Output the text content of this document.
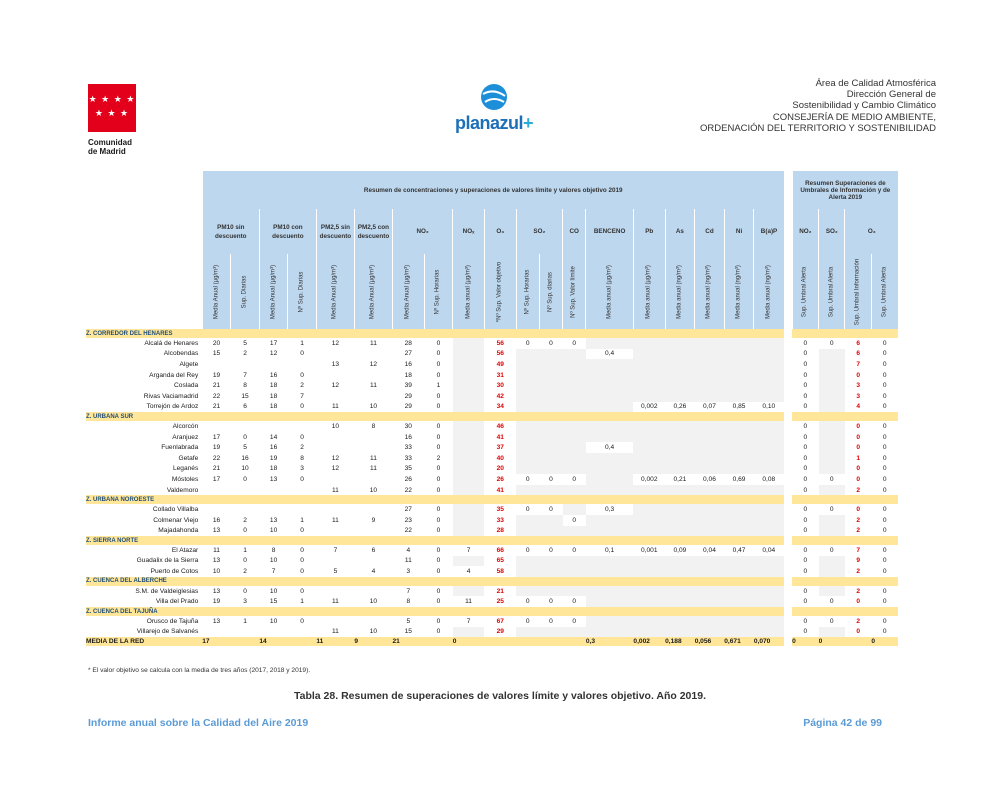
★ ★ ★ ★
★ ★ ★
Comunidad
de Madrid
planazul+
Área de Calidad Atmosférica
Dirección General de
Sostenibilidad y Cambio Climático
CONSEJERÍA DE MEDIO AMBIENTE,
ORDENACIÓN DEL TERRITORIO Y SOSTENIBILIDAD
	Resumen de concentraciones y superaciones de valores límite y valores objetivo 2019																				Resumen Superaciones de Umbrales de Información y de Alerta 2019			
	PM10 sin descuento		PM10 con descuento		PM2,5 sin descuento	PM2,5 con descuento	NO₂		NOₓ	O₃	SO₂		CO	BENCENO	Pb	As	Cd	Ni	B(a)P		NO₂	SO₂	O₃	

	Media Anual (µg/m³)	Sup. Diarias	Media Anual (µg/m³)	Nº Sup. Diarias	Media Anual (µg/m³)	Media Anual (µg/m³)	Media Anual (µg/m³)	Nº Sup. Horarias	Media anual (µg/m³)	*Nº Sup. Valor objetivo	Nº Sup. Horarias	Nº Sup. diarias	Nº Sup. Valor límite	Media anual (µg/m³)	Media anual (µg/m³)	Media anual (ng/m³)	Media anual (ng/m³)	Media anual (ng/m³)	Media anual (ng/m³)		Sup. Umbral Alerta	Sup. Umbral Alerta	Sup. Umbral Información	Sup. Umbral Alerta

Z. CORREDOR DEL HENARES																								
Alcalá de Henares	20	5	17	1	12	11	28	0		56	0	0	0								0	0	6	0
Alcobendas	15	2	12	0			27	0		56				0,4							0		6	0
Algete					13	12	16	0		49											0		7	0
Arganda del Rey	19	7	16	0			18	0		31											0		0	0
Coslada	21	8	18	2	12	11	39	1		30											0		3	0
Rivas Vaciamadrid	22	15	18	7			29	0		42											0		3	0
Torrejón de Ardoz	21	6	18	0	11	10	29	0		34					0,002	0,26	0,07	0,85	0,10		0		4	0
Z. URBANA SUR																								
Alcorcón					10	8	30	0		46											0		0	0
Aranjuez	17	0	14	0			16	0		41											0		0	0
Fuenlabrada	19	5	16	2			33	0		37				0,4							0		0	0
Getafe	22	16	19	8	12	11	33	2		40											0		1	0
Leganés	21	10	18	3	12	11	35	0		20											0		0	0
Móstoles	17	0	13	0			26	0		26	0	0	0		0,002	0,21	0,06	0,69	0,08		0	0	0	0
Valdemoro					11	10	22	0		41											0		2	0
Z. URBANA NOROESTE																								
Collado Villalba							27	0		35	0	0		0,3							0	0	0	0
Colmenar Viejo	16	2	13	1	11	9	23	0		33			0								0		2	0
Majadahonda	13	0	10	0			22	0		28											0		2	0
Z. SIERRA NORTE																								
El Atazar	11	1	8	0	7	6	4	0	7	66	0	0	0	0,1	0,001	0,09	0,04	0,47	0,04		0	0	7	0
Guadalix de la Sierra	13	0	10	0			11	0		65											0		9	0
Puerto de Cotos	10	2	7	0	5	4	3	0	4	58											0		2	0
Z. CUENCA DEL ALBERCHE																								
S.M. de Valdeiglesias	13	0	10	0			7	0		21											0		2	0
Villa del Prado	19	3	15	1	11	10	8	0	11	25	0	0	0								0	0	0	0
Z. CUENCA DEL TAJUÑA																								
Orusco de Tajuña	13	1	10	0			5	0	7	67	0	0	0								0	0	2	0
Villarejo de Salvanés					11	10	15	0		29											0		0	0
MEDIA DE LA RED	17		14		11	9	21		0					0,3	0,002	0,188	0,056	0,671	0,070		0	0		0
* El valor objetivo se calcula con la media de tres años (2017, 2018 y 2019).
Tabla 28. Resumen de superaciones de valores límite y valores objetivo. Año 2019.
Informe anual sobre la Calidad del Aire 2019	Página 42 de 99
